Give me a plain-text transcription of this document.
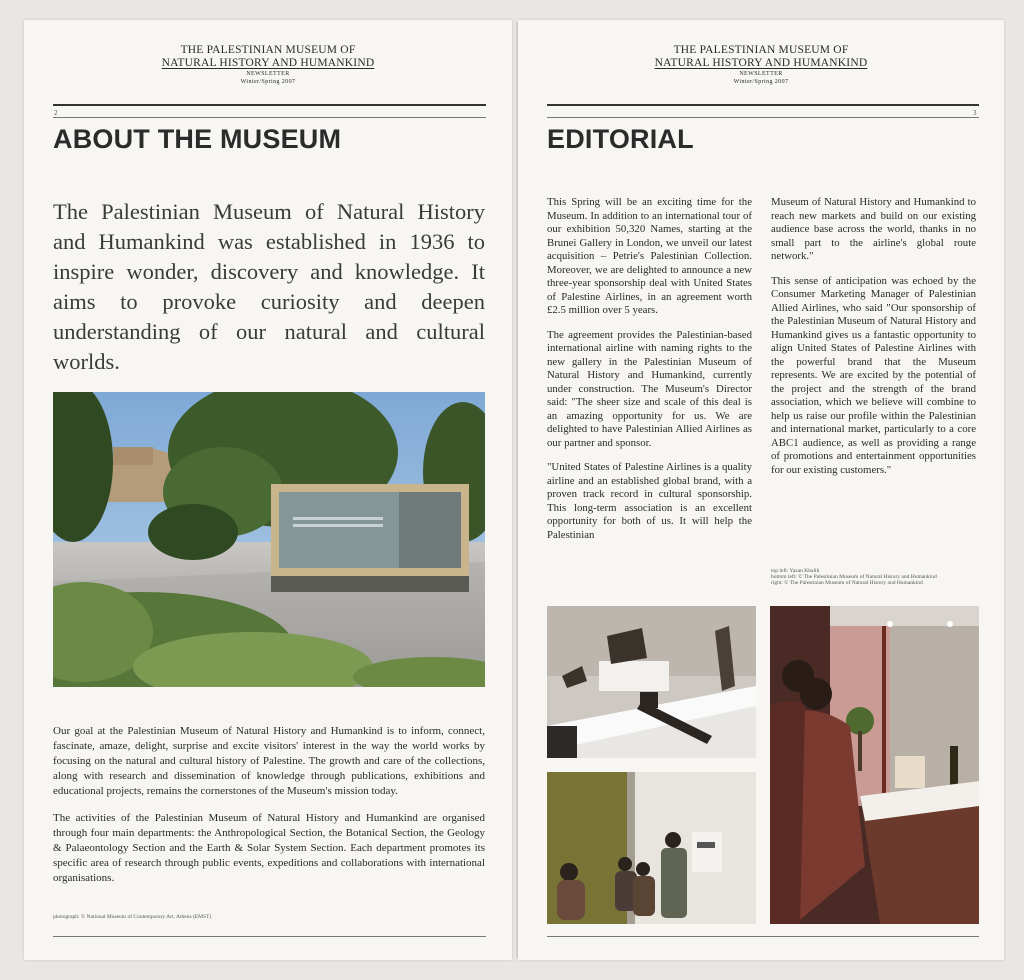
THE PALESTINIAN MUSEUM OF
NATURAL HISTORY AND HUMANKIND
NEWSLETTER
Winter/Spring 2007
2
ABOUT THE MUSEUM

The Palestinian Museum of Natural History and Humankind was established in 1936 to inspire wonder, discovery and knowledge. It aims to provoke curiosity and deepen understanding of our natural and cultural worlds.

Our goal at the Palestinian Museum of Natural History and Humankind is to inform, connect, fascinate, amaze, delight, surprise and excite visitors' interest in the way the world works by focusing on the natural and cultural history of Palestine. The growth and care of the collections, along with research and dissemination of knowledge through publications, exhibitions and educational projects, remains the cornerstones of the Museum's mission today.

The activities of the Palestinian Museum of Natural History and Humankind are organised through four main departments: the Anthropological Section, the Botanical Section, the Geology & Palaeontology Section and the Earth & Solar System Section. Each department promotes its specific area of research through public events, expeditions and collaborations with international organisations.

photograph: © National Museum of Contemporary Art, Athens (EMST)
THE PALESTINIAN MUSEUM OF
NATURAL HISTORY AND HUMANKIND
NEWSLETTER
Winter/Spring 2007
3
EDITORIAL

This Spring will be an exciting time for the Museum. In addition to an international tour of our exhibition 50,320 Names, starting at the Brunei Gallery in London, we unveil our latest acquisition – Petrie's Palestinian Collection. Moreover, we are delighted to announce a new three-year sponsorship deal with United States of Palestine Airlines, in an agreement worth £2.5 million over 5 years.

The agreement provides the Palestinian-based international airline with naming rights to the new gallery in the Palestinian Museum of Natural History and Humankind, currently under construction. The Museum's Director said: "The sheer size and scale of this deal is an amazing opportunity for us. We are delighted to have Palestinian Allied Airlines as our partner and sponsor.

"United States of Palestine Airlines is a quality airline and an established global brand, with a proven track record in cultural sponsorship. This long-term association is an excellent opportunity for both of us. It will help the Palestinian

Museum of Natural History and Humankind to reach new markets and build on our existing audience base across the world, thanks in no small part to the airline's global route network."

This sense of anticipation was echoed by the Consumer Marketing Manager of Palestinian Allied Airlines, who said "Our sponsorship of the Palestinian Museum of Natural History and Humankind gives us a fantastic opportunity to align United States of Palestine Airlines with the powerful brand that the Museum represents. We are excited by the potential of the project and the strength of the brand association, which we believe will combine to help us raise our profile within the Palestinian and international market, particularly to a core ABC1 audience, as well as providing a range of promotions and entertainment opportunities for our existing customers."

top left: Yazan Khalili
bottom left: © The Palestinian Museum of Natural History and Humankind
right: © The Palestinian Museum of Natural History and Humankind
